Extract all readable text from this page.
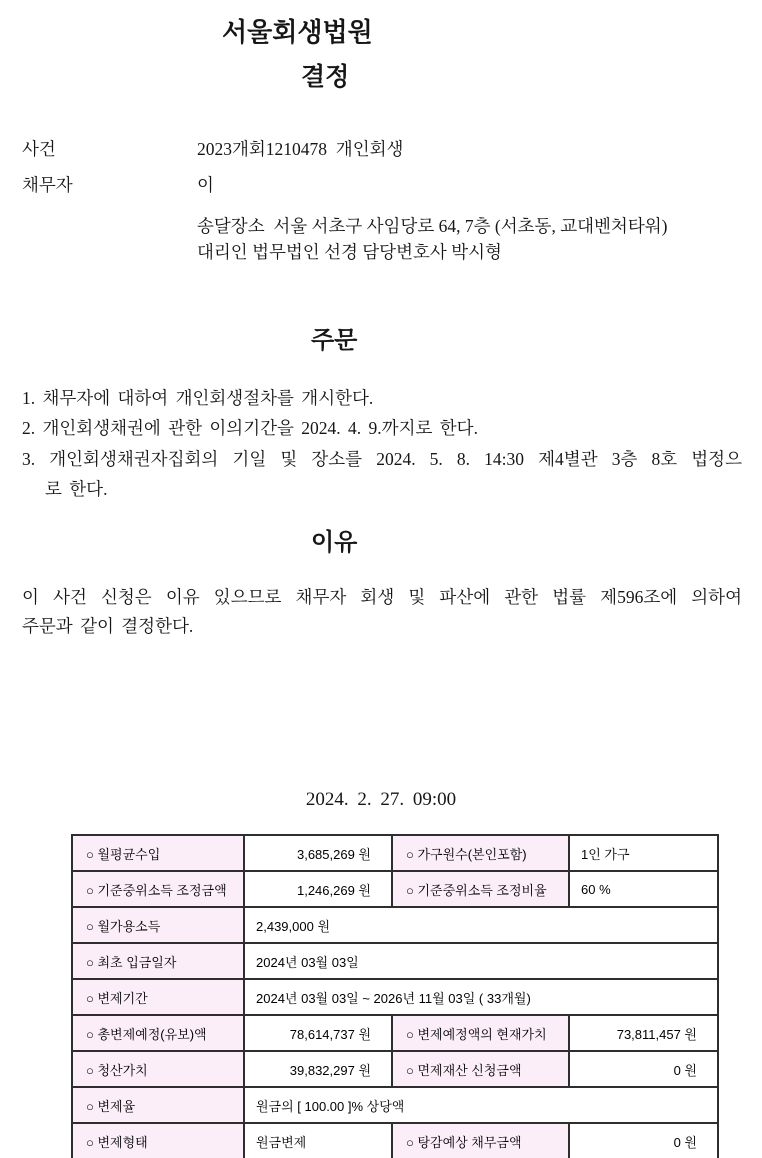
서울회생법원
결정
사건	2023개회1210478  개인회생
채무자	이
송달장소  서울 서초구 사임당로 64, 7층 (서초동, 교대벤처타워)
대리인 법무법인 선경 담당변호사 박시형
주문
1. 채무자에 대하여 개인회생절차를 개시한다.
2. 개인회생채권에 관한 이의기간을 2024. 4. 9.까지로 한다.
3. 개인회생채권자집회의 기일 및 장소를 2024. 5. 8. 14:30 제4별관 3층 8호 법정으
로 한다.
이유
이 사건 신청은 이유 있으므로 채무자 회생 및 파산에 관한 법률 제596조에 의하여
주문과 같이 결정한다.
2024. 2. 27. 09:00
○ 월평균수입	3,685,269 원	○ 가구원수(본인포함)	1인 가구
○ 기준중위소득 조정금액	1,246,269 원	○ 기준중위소득 조정비율	60 %
○ 월가용소득	2,439,000 원		
○ 최초 입금일자	2024년 03월 03일		
○ 변제기간	2024년 03월 03일 ~ 2026년 11월 03일 ( 33개월)		
○ 총변제예정(유보)액	78,614,737 원	○ 변제예정액의 현재가치	73,811,457 원
○ 청산가치	39,832,297 원	○ 면제재산 신청금액	0 원
○ 변제율	원금의 [ 100.00 ]% 상당액		
○ 변제형태	원금변제	○ 탕감예상 채무금액	0 원
